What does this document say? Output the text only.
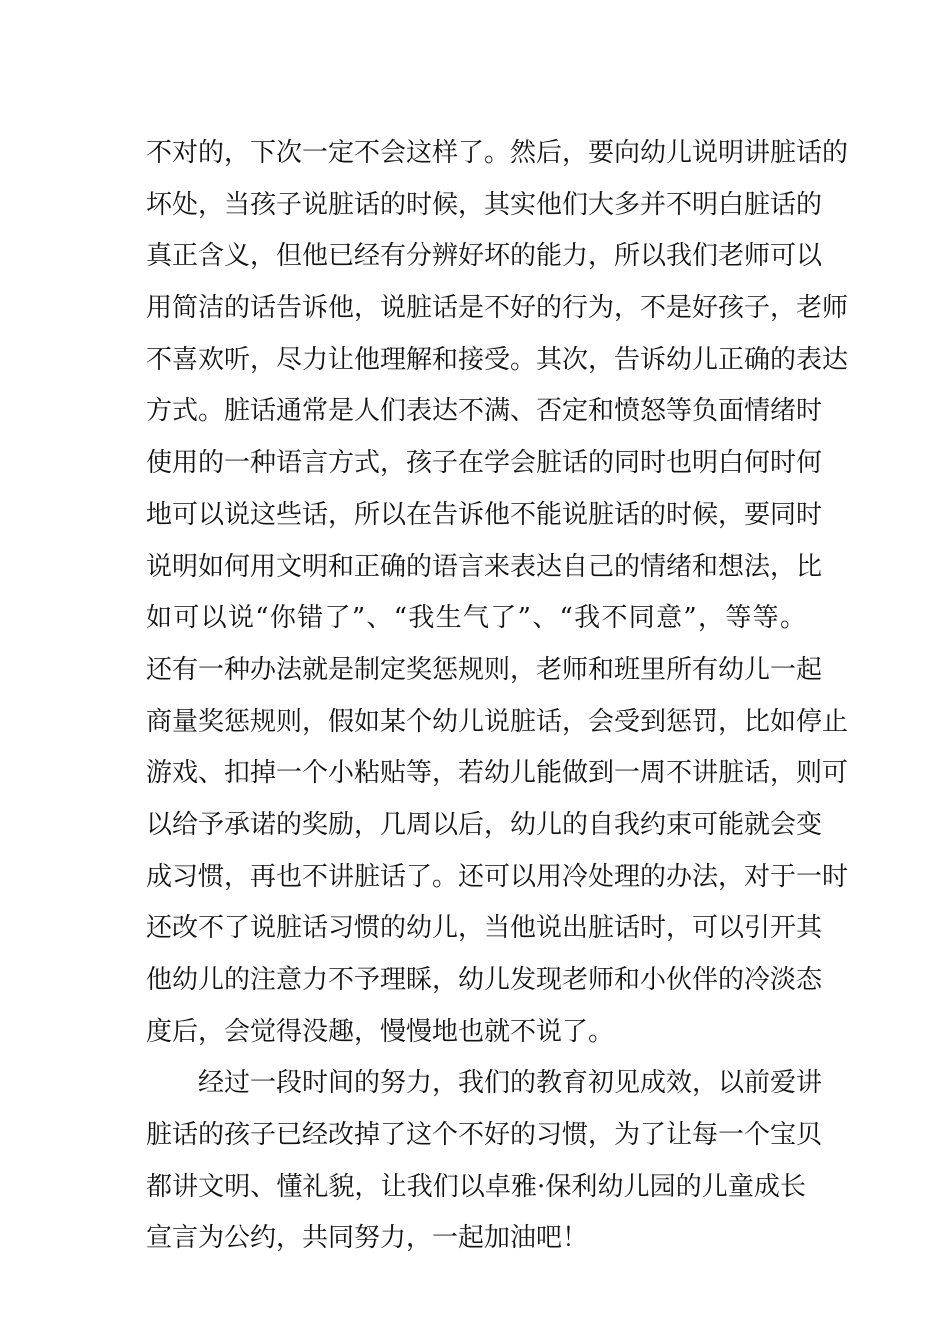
不对的，下次一定不会这样了。然后，要向幼儿说明讲脏话的
坏处，当孩子说脏话的时候，其实他们大多并不明白脏话的
真正含义，但他已经有分辨好坏的能力，所以我们老师可以
用简洁的话告诉他，说脏话是不好的行为，不是好孩子，老师
不喜欢听，尽力让他理解和接受。其次，告诉幼儿正确的表达
方式。脏话通常是人们表达不满、否定和愤怒等负面情绪时
使用的一种语言方式，孩子在学会脏话的同时也明白何时何
地可以说这些话，所以在告诉他不能说脏话的时候，要同时
说明如何用文明和正确的语言来表达自己的情绪和想法，比
如可以说“你错了”、“我生气了”、“我不同意”，等等。
还有一种办法就是制定奖惩规则，老师和班里所有幼儿一起
商量奖惩规则，假如某个幼儿说脏话，会受到惩罚，比如停止
游戏、扣掉一个小粘贴等，若幼儿能做到一周不讲脏话，则可
以给予承诺的奖励，几周以后，幼儿的自我约束可能就会变
成习惯，再也不讲脏话了。还可以用冷处理的办法，对于一时
还改不了说脏话习惯的幼儿，当他说出脏话时，可以引开其
他幼儿的注意力不予理睬，幼儿发现老师和小伙伴的冷淡态
度后，会觉得没趣，慢慢地也就不说了。
经过一段时间的努力，我们的教育初见成效，以前爱讲
脏话的孩子已经改掉了这个不好的习惯，为了让每一个宝贝
都讲文明、懂礼貌，让我们以卓雅·保利幼儿园的儿童成长
宣言为公约，共同努力，一起加油吧！
